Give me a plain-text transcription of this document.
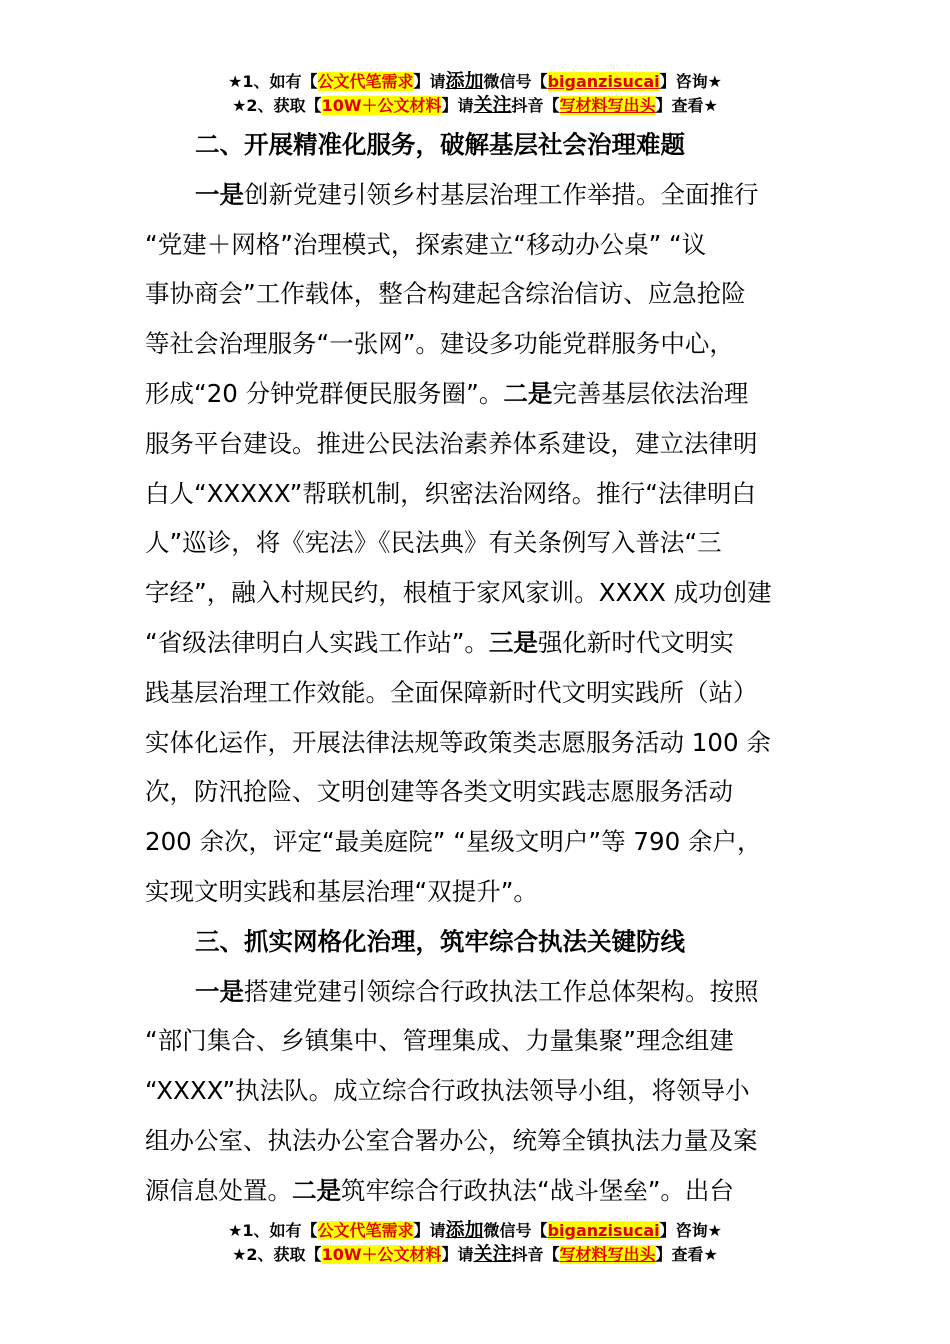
★1、如有【公文代笔需求】请添加微信号【biganzisucai】咨询★
★2、获取【10W＋公文材料】请关注抖音【写材料写出头】查看★
二、开展精准化服务，破解基层社会治理难题
一是创新党建引领乡村基层治理工作举措。全面推行
“党建＋网格”治理模式，探索建立“移动办公桌” “议
事协商会”工作载体，整合构建起含综治信访、应急抢险
等社会治理服务“一张网”。建设多功能党群服务中心，
形成“20 分钟党群便民服务圈”。二是完善基层依法治理
服务平台建设。推进公民法治素养体系建设，建立法律明
白人“XXXXX”帮联机制，织密法治网络。推行“法律明白
人”巡诊，将《宪法》《民法典》有关条例写入普法“三
字经”，融入村规民约，根植于家风家训。XXXX 成功创建
“省级法律明白人实践工作站”。三是强化新时代文明实
践基层治理工作效能。全面保障新时代文明实践所（站）
实体化运作，开展法律法规等政策类志愿服务活动 100 余
次，防汛抢险、文明创建等各类文明实践志愿服务活动
200 余次，评定“最美庭院” “星级文明户”等 790 余户，
实现文明实践和基层治理“双提升”。
三、抓实网格化治理，筑牢综合执法关键防线
一是搭建党建引领综合行政执法工作总体架构。按照
“部门集合、乡镇集中、管理集成、力量集聚”理念组建
“XXXX”执法队。成立综合行政执法领导小组，将领导小
组办公室、执法办公室合署办公，统筹全镇执法力量及案
源信息处置。二是筑牢综合行政执法“战斗堡垒”。出台
★1、如有【公文代笔需求】请添加微信号【biganzisucai】咨询★
★2、获取【10W＋公文材料】请关注抖音【写材料写出头】查看★
